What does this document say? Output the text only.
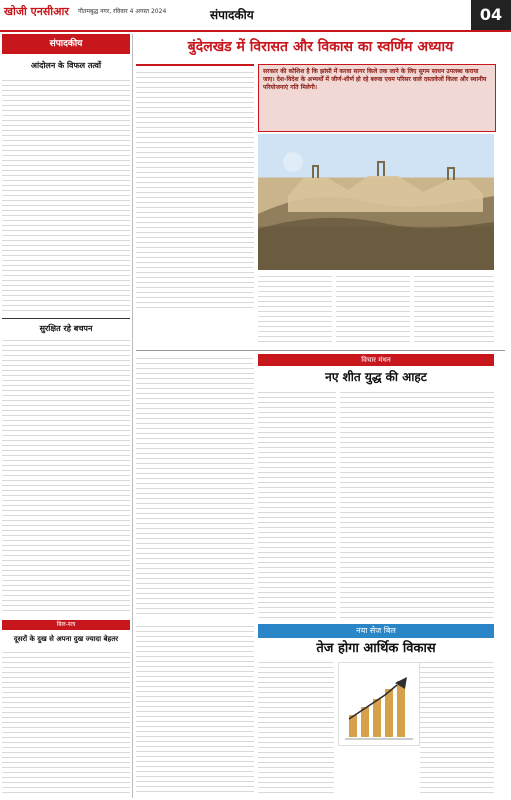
खोजी एनसीआर गौतमबुद्ध नगर, रविवार 4 अगस्त 2024	संपादकीय	04
संपादकीय
आंदोलन के विफल तत्वों
सुरक्षित रहे बचपन
बिल-सत्र
दूसरों के दुख से अपना दुख ज्यादा बेहतर
बुंदेलखंड में विरासत और विकास का स्वर्णिम अध्याय
सरकार की कोशिश है कि झांसी में करवा सागर किले तक जाने के लिए सुगम साधन उपलब्ध कराया जाए। देश-विदेश के अभ्यर्थों में जीर्ण-शीर्ण हो रहे बरुवा एवम परिसर वाले दस्तावेजों किला और स्थानीय परियोजनाएं गति मिलेगी।
विचार मंथन
नए शीत युद्ध की आहट
नया सेज बिल
तेज होगा आर्थिक विकास
